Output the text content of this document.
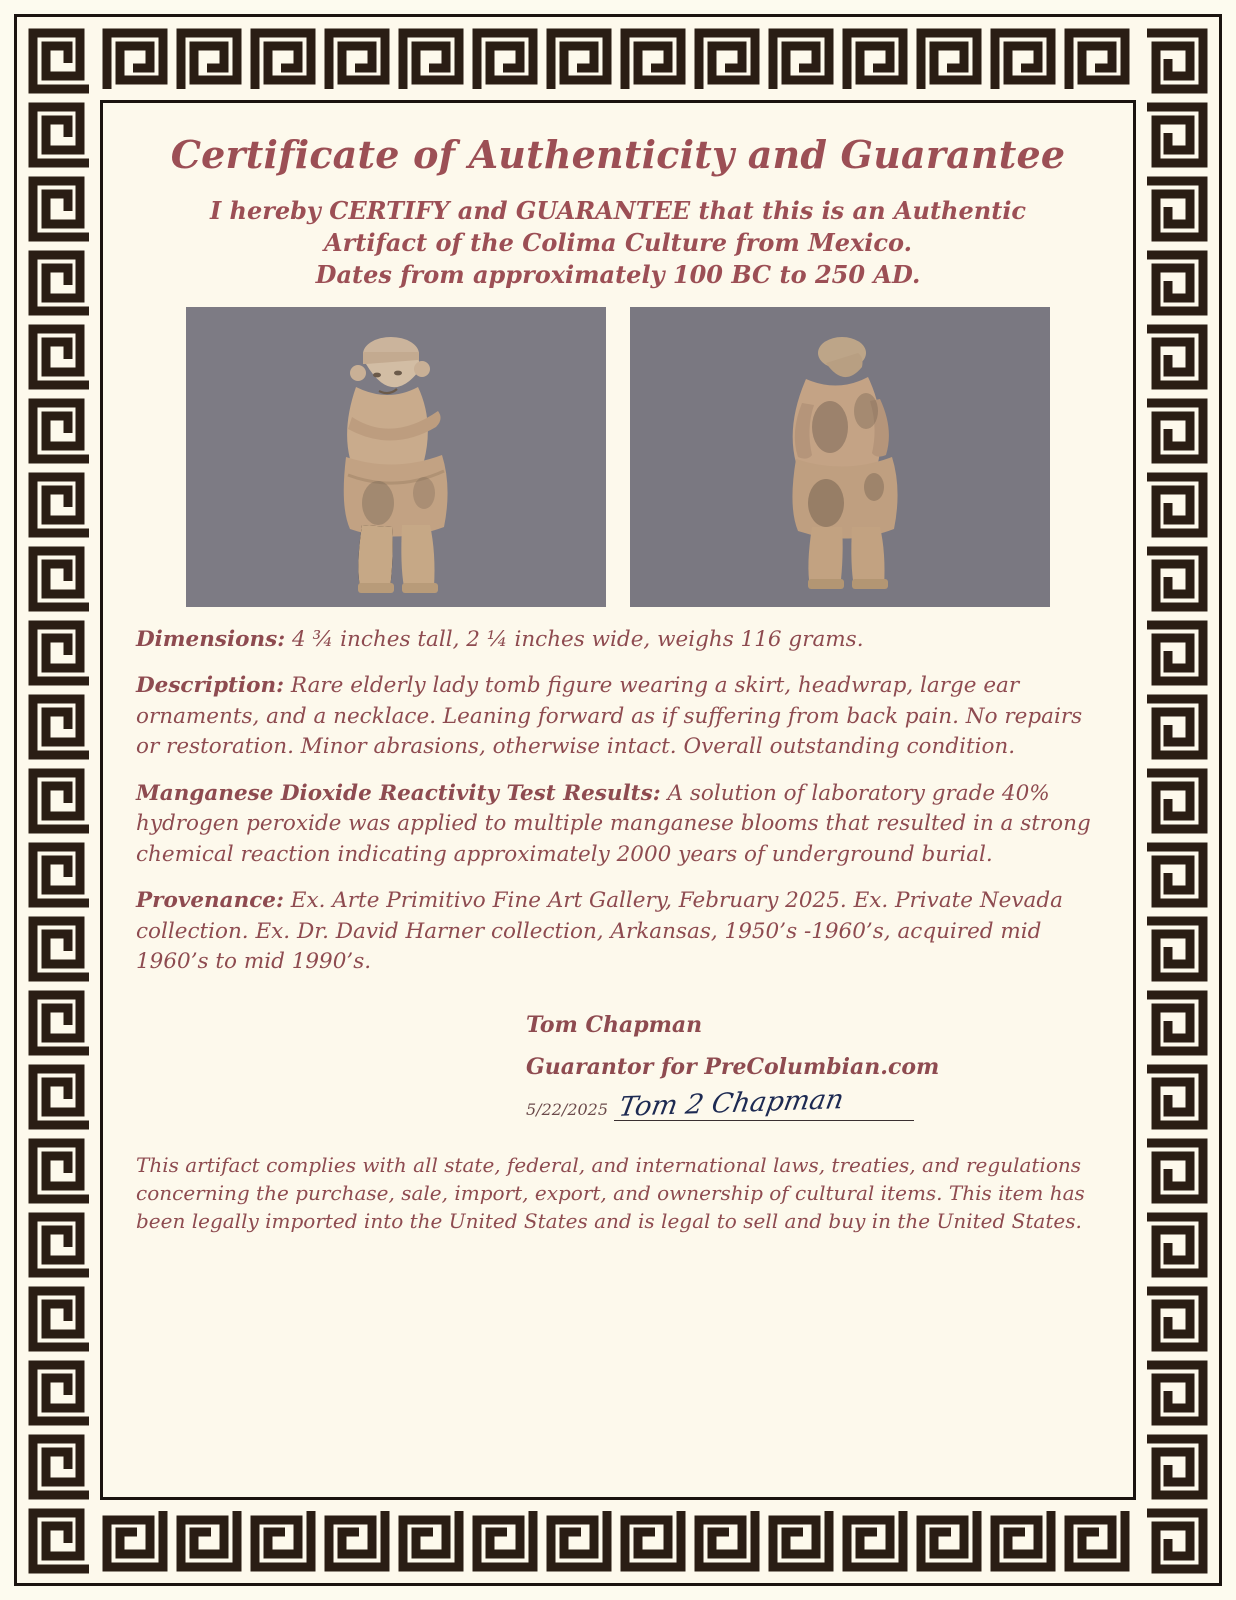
Certificate of Authenticity and Guarantee
I hereby CERTIFY and GUARANTEE that this is an Authentic
Artifact of the Colima Culture from Mexico.
Dates from approximately 100 BC to 250 AD.

Dimensions: 4 ¾ inches tall, 2 ¼ inches wide, weighs 116 grams.

Description: Rare elderly lady tomb figure wearing a skirt, headwrap, large ear ornaments, and a necklace. Leaning forward as if suffering from back pain. No repairs or restoration. Minor abrasions, otherwise intact. Overall outstanding condition.

Manganese Dioxide Reactivity Test Results: A solution of laboratory grade 40% hydrogen peroxide was applied to multiple manganese blooms that resulted in a strong chemical reaction indicating approximately 2000 years of underground burial.

Provenance: Ex. Arte Primitivo Fine Art Gallery, February 2025. Ex. Private Nevada collection. Ex. Dr. David Harner collection, Arkansas, 1950’s -1960’s, acquired mid 1960’s to mid 1990’s.

Tom Chapman
Guarantor for PreColumbian.com
5/22/2025 Tom 2 Chapman
This artifact complies with all state, federal, and international laws, treaties, and regulations concerning the purchase, sale, import, export, and ownership of cultural items. This item has been legally imported into the United States and is legal to sell and buy in the United States.
